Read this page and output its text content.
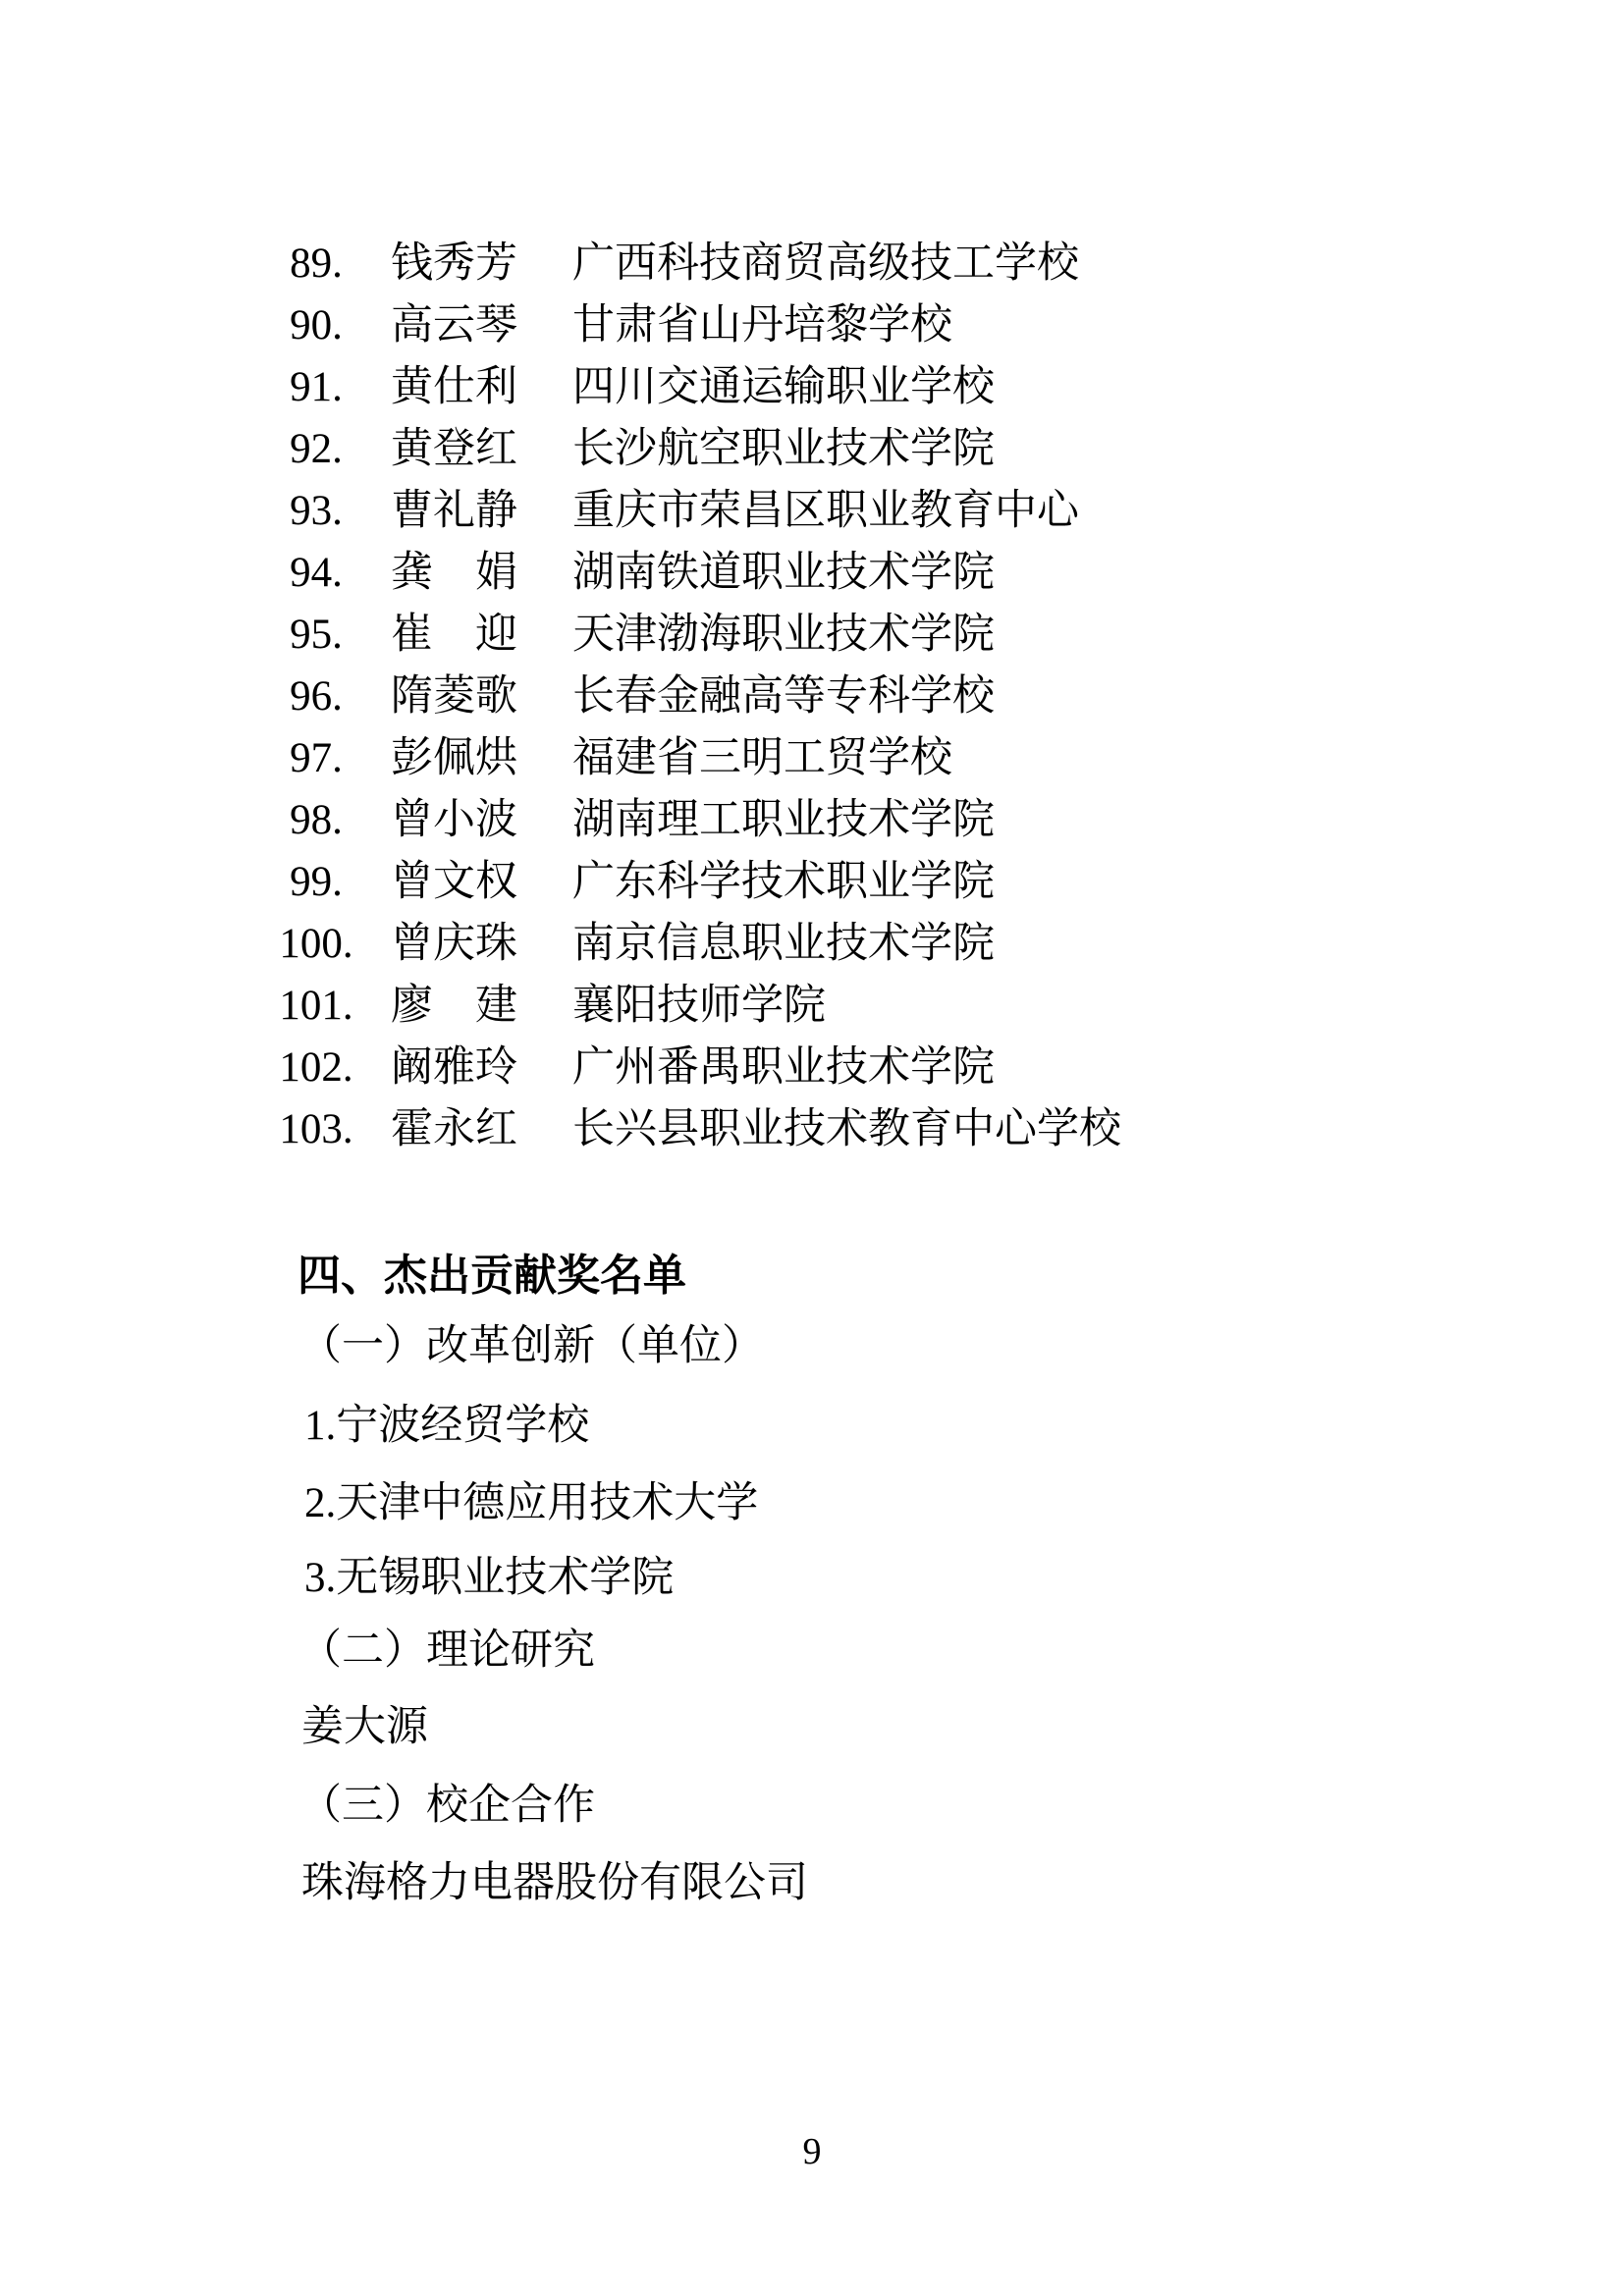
89.	钱秀芳 广西科技商贸高级技工学校
90.	高云琴 甘肃省山丹培黎学校
91.	黄仕利 四川交通运输职业学校
92.	黄登红 长沙航空职业技术学院
93.	曹礼静 重庆市荣昌区职业教育中心
94.	龚　娟 湖南铁道职业技术学院
95.	崔　迎 天津渤海职业技术学院
96.	隋菱歌 长春金融高等专科学校
97.	彭佩烘 福建省三明工贸学校
98.	曾小波 湖南理工职业技术学院
99.	曾文权 广东科学技术职业学院
100. 曾庆珠 南京信息职业技术学院
101. 廖　建 襄阳技师学院
102. 阚雅玲 广州番禺职业技术学院
103. 霍永红 长兴县职业技术教育中心学校
四、杰出贡献奖名单
（一）改革创新（单位）
1.宁波经贸学校
2.天津中德应用技术大学
3.无锡职业技术学院
（二）理论研究
姜大源
（三）校企合作
珠海格力电器股份有限公司
9
